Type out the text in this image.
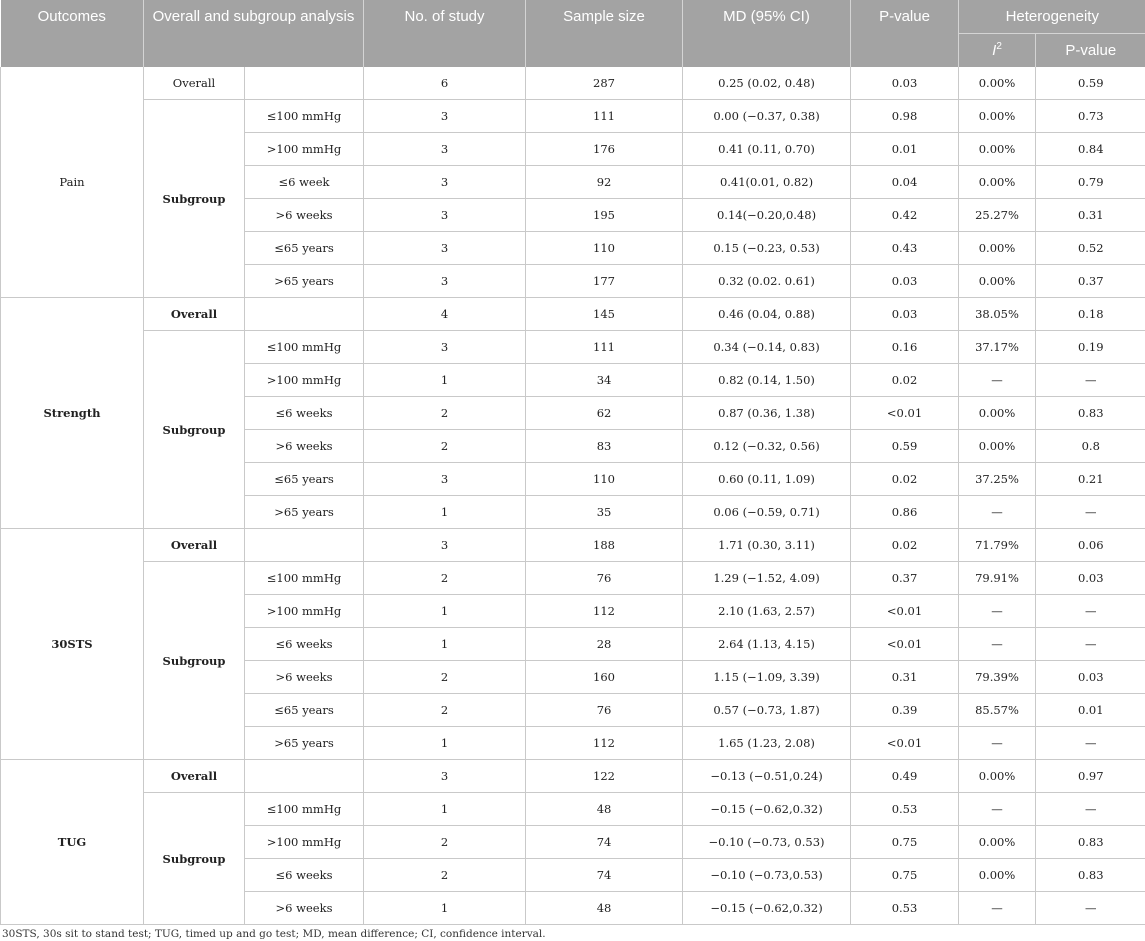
Outcomes	Overall and subgroup analysis		No. of study	Sample size	MD (95% CI)	P-value	Heterogeneity	
							$I^2$	P-value
Pain	Overall		6	287	0.25 (0.02, 0.48)	0.03	0.00%	0.59
	Subgroup	≤100 mmHg	3	111	0.00 (−0.37, 0.38)	0.98	0.00%	0.73
		>100 mmHg	3	176	0.41 (0.11, 0.70)	0.01	0.00%	0.84
		≤6 week	3	92	0.41(0.01, 0.82)	0.04	0.00%	0.79
		>6 weeks	3	195	0.14(−0.20,0.48)	0.42	25.27%	0.31
		≤65 years	3	110	0.15 (−0.23, 0.53)	0.43	0.00%	0.52
		>65 years	3	177	0.32 (0.02. 0.61)	0.03	0.00%	0.37
Strength	Overall		4	145	0.46 (0.04, 0.88)	0.03	38.05%	0.18
	Subgroup	≤100 mmHg	3	111	0.34 (−0.14, 0.83)	0.16	37.17%	0.19
		>100 mmHg	1	34	0.82 (0.14, 1.50)	0.02	—	—
		≤6 weeks	2	62	0.87 (0.36, 1.38)	<0.01	0.00%	0.83
		>6 weeks	2	83	0.12 (−0.32, 0.56)	0.59	0.00%	0.8
		≤65 years	3	110	0.60 (0.11, 1.09)	0.02	37.25%	0.21
		>65 years	1	35	0.06 (−0.59, 0.71)	0.86	—	—
30STS	Overall		3	188	1.71 (0.30, 3.11)	0.02	71.79%	0.06
	Subgroup	≤100 mmHg	2	76	1.29 (−1.52, 4.09)	0.37	79.91%	0.03
		>100 mmHg	1	112	2.10 (1.63, 2.57)	<0.01	—	—
		≤6 weeks	1	28	2.64 (1.13, 4.15)	<0.01	—	—
		>6 weeks	2	160	1.15 (−1.09, 3.39)	0.31	79.39%	0.03
		≤65 years	2	76	0.57 (−0.73, 1.87)	0.39	85.57%	0.01
		>65 years	1	112	1.65 (1.23, 2.08)	<0.01	—	—
TUG	Overall		3	122	−0.13 (−0.51,0.24)	0.49	0.00%	0.97
	Subgroup	≤100 mmHg	1	48	−0.15 (−0.62,0.32)	0.53	—	—
		>100 mmHg	2	74	−0.10 (−0.73, 0.53)	0.75	0.00%	0.83
		≤6 weeks	2	74	−0.10 (−0.73,0.53)	0.75	0.00%	0.83
		>6 weeks	1	48	−0.15 (−0.62,0.32)	0.53	—	—
30STS, 30s sit to stand test; TUG, timed up and go test; MD, mean difference; CI, confidence interval.
